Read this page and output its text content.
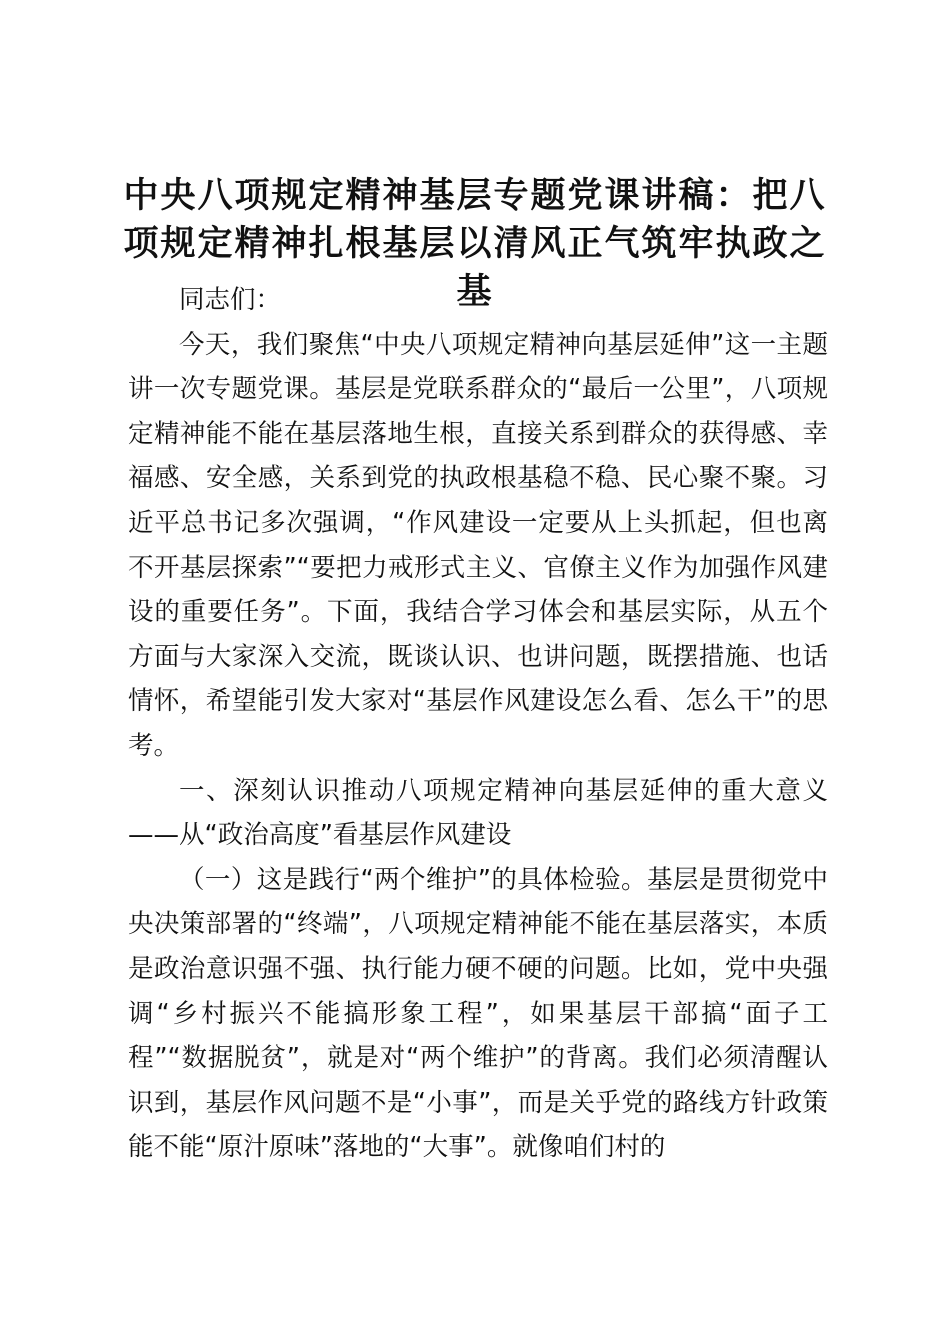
中央八项规定精神基层专题党课讲稿：把八项规定精神扎根基层以清风正气筑牢执政之基

同志们：

今天，我们聚焦“中央八项规定精神向基层延伸”这一主题讲一次专题党课。基层是党联系群众的“最后一公里”，八项规定精神能不能在基层落地生根，直接关系到群众的获得感、幸福感、安全感，关系到党的执政根基稳不稳、民心聚不聚。习近平总书记多次强调，“作风建设一定要从上头抓起，但也离不开基层探索”“要把力戒形式主义、官僚主义作为加强作风建设的重要任务”。下面，我结合学习体会和基层实际，从五个方面与大家深入交流，既谈认识、也讲问题，既摆措施、也话情怀，希望能引发大家对“基层作风建设怎么看、怎么干”的思考。

一、深刻认识推动八项规定精神向基层延伸的重大意义——从“政治高度”看基层作风建设

（一）这是践行“两个维护”的具体检验。基层是贯彻党中央决策部署的“终端”，八项规定精神能不能在基层落实，本质是政治意识强不强、执行能力硬不硬的问题。比如，党中央强调“乡村振兴不能搞形象工程”，如果基层干部搞“面子工程”“数据脱贫”，就是对“两个维护”的背离。我们必须清醒认识到，基层作风问题不是“小事”，而是关乎党的路线方针政策能不能“原汁原味”落地的“大事”。就像咱们村的
